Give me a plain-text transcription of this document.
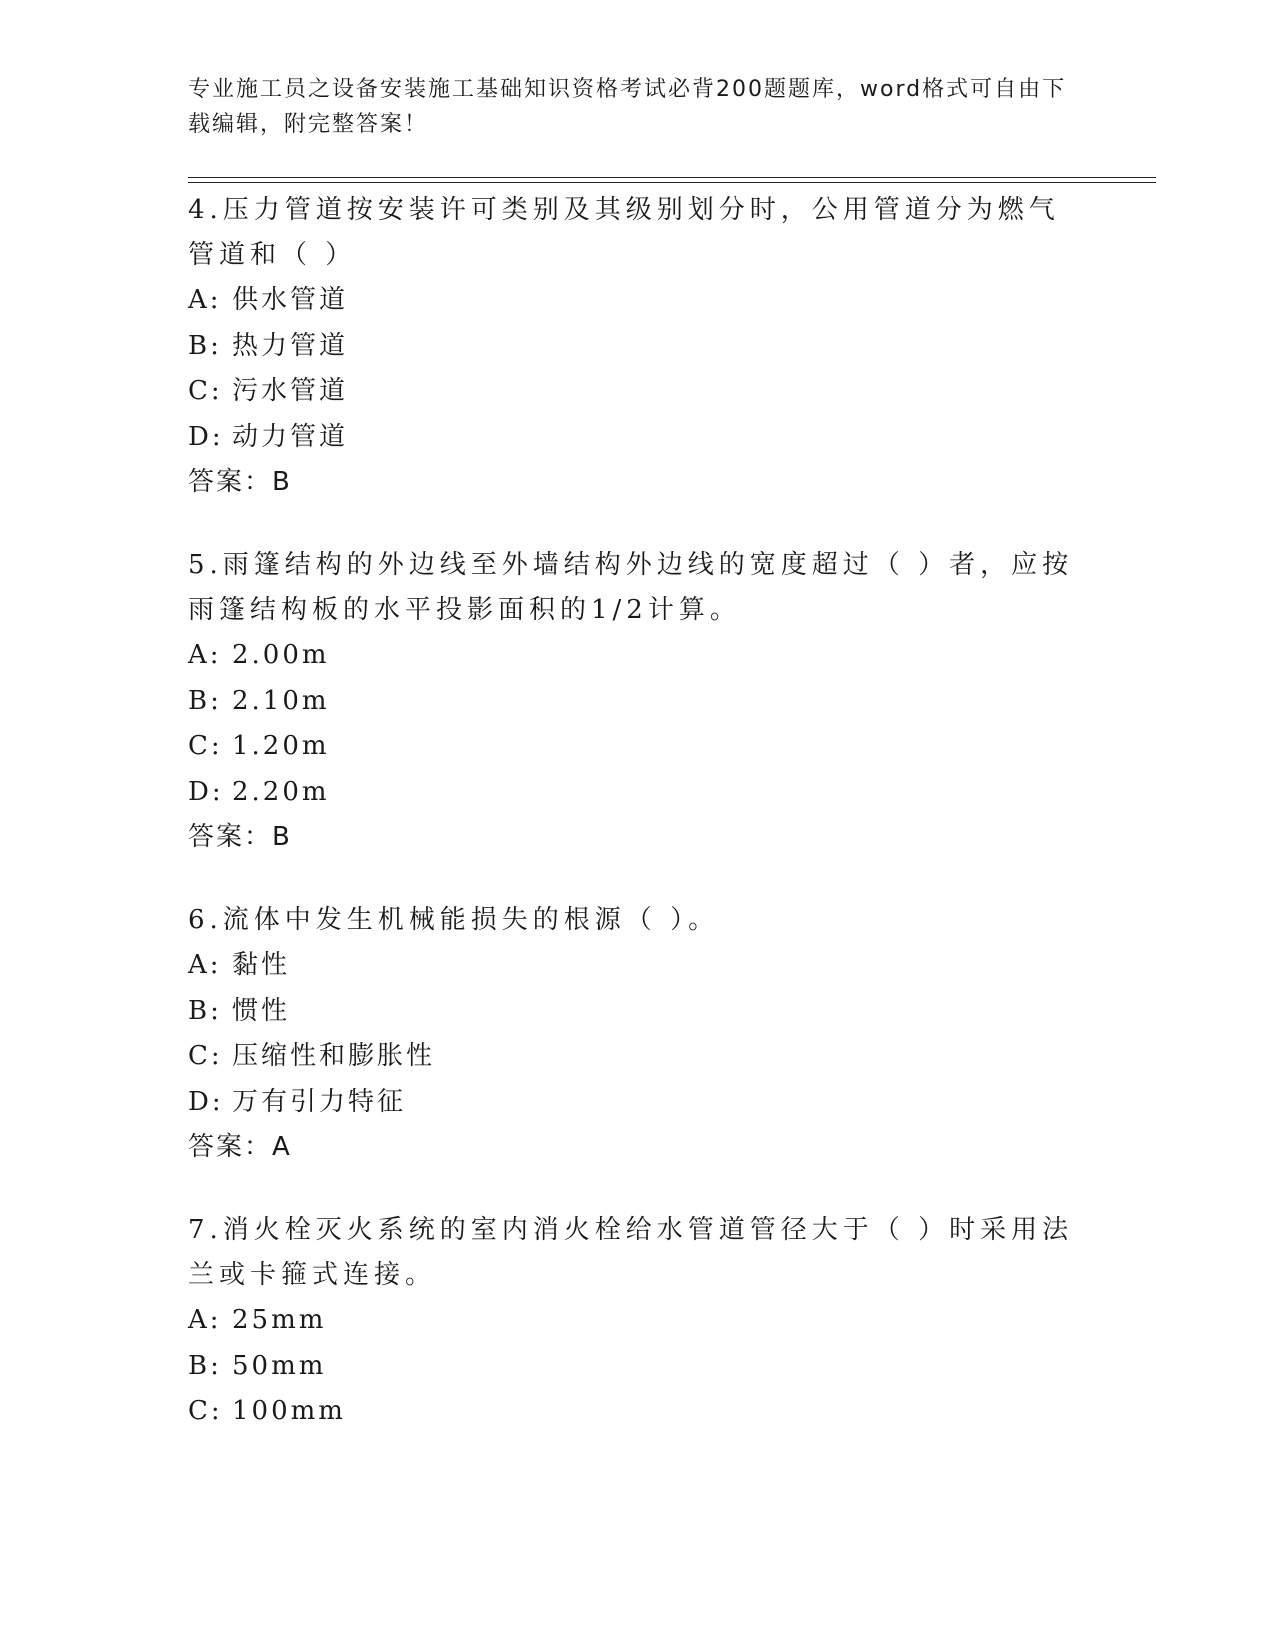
专业施工员之设备安装施工基础知识资格考试必背200题题库，word格式可自由下载编辑，附完整答案！

4.压力管道按安装许可类别及其级别划分时，公用管道分为燃气管道和（ ）

A: 供水管道
B: 热力管道
C: 污水管道
D: 动力管道
答案：B

5.雨篷结构的外边线至外墙结构外边线的宽度超过（ ）者，应按雨篷结构板的水平投影面积的1/2计算。

A: 2.00m
B: 2.10m
C: 1.20m
D: 2.20m
答案：B

6.流体中发生机械能损失的根源（ ）。

A: 黏性
B: 惯性
C: 压缩性和膨胀性
D: 万有引力特征
答案：A

7.消火栓灭火系统的室内消火栓给水管道管径大于（ ）时采用法兰或卡箍式连接。

A: 25mm
B: 50mm
C: 100mm
